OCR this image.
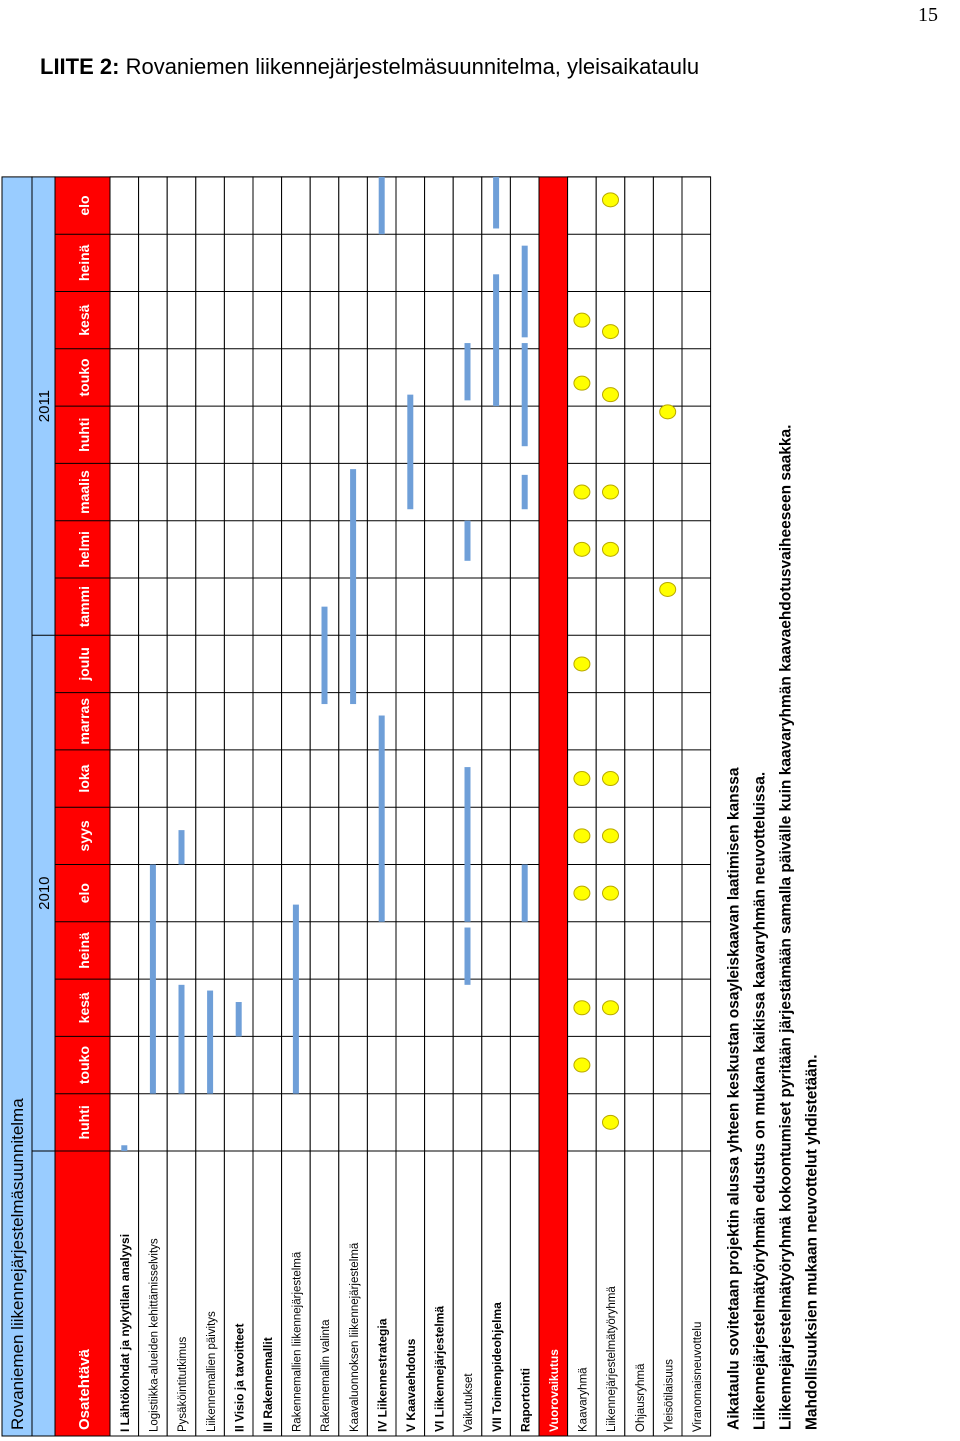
15
LIITE 2: Rovaniemen liikennejärjestelmäsuunnitelma, yleisaikataulu
Rovaniemen liikennejärjestelmäsuunnitelma
2010
2011
Osatehtävä
huhti
touko
kesä
heinä
elo
syys
loka
marras
joulu
tammi
helmi
maalis
huhti
touko
kesä
heinä
elo
I Lähtökohdat ja nykytilan analyysi Logistiikka-alueiden kehittämisselvitys Pysäköintitutkimus Liikennemallien päivitys II Visio ja tavoitteet III Rakennemallit Rakennemallien liikennejärjestelmä Rakennemallin valinta Kaavaluonnoksen liikennejärjestelmä IV Liikennestrategia V Kaavaehdotus VI Liikennejärjestelmä Vaikutukset VII Toimenpideohjelma Raportointi Vuorovaikutus Kaavaryhmä Liikennejärjestelmätyöryhmä Ohjausryhmä Yleisötilaisuus Viranomaisneuvottelu Aikataulu sovitetaan projektin alussa yhteen keskustan osayleiskaavan laatimisen kanssa Liikennejärjestelmätyöryhmän edustus on mukana kaikissa kaavaryhmän neuvotteluissa. Liikennejärjestelmätyöryhmä kokoontumiset pyritään järjestämään samalla päivälle kuin kaavaryhmän kaavaehdotusvaiheeseen saakka. Mahdollisuuksien mukaan neuvottelut yhdistetään.
